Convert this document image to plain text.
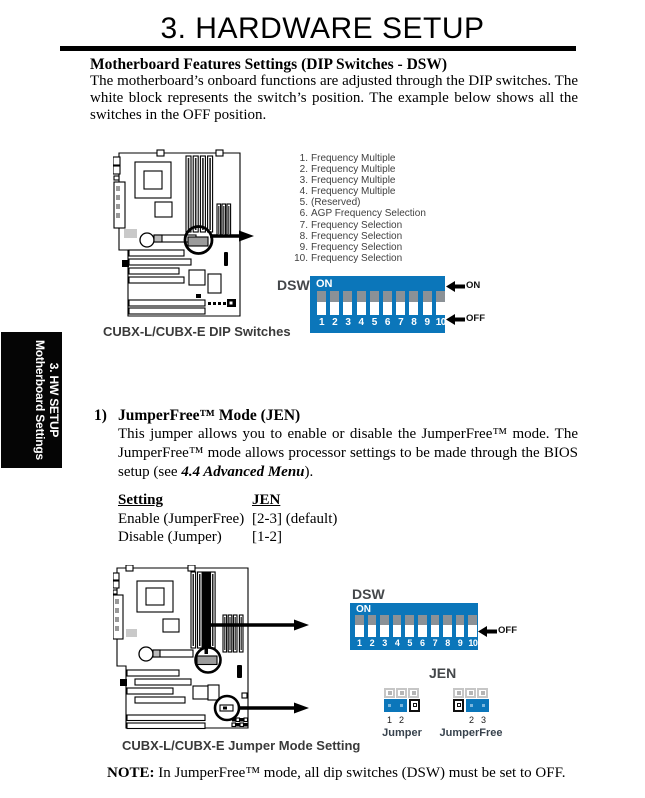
3. HARDWARE SETUP
Motherboard Features Settings (DIP Switches - DSW)
The motherboard’s onboard functions are adjusted through the DIP switches. The white block represents the switch’s position. The example below shows all the switches in the OFF position.
3. HW SETUP
Motherboard Settings
CUBX-L/CUBX-E DIP Switches
1. Frequency Multiple
2. Frequency Multiple
3. Frequency Multiple
4. Frequency Multiple
5. (Reserved)
6. AGP Frequency Selection
7. Frequency Selection
8. Frequency Selection
9. Frequency Selection
10. Frequency Selection
DSW ON
1 2 3 4 5 6 7 8 9 10
ON
OFF
1) JumperFree™ Mode (JEN)
This jumper allows you to enable or disable the JumperFree™ mode. The JumperFree™ mode allows processor settings to be made through the BIOS setup (see 4.4 Advanced Menu).
Setting	JEN
Enable (JumperFree) [2-3] (default)
Disable (Jumper)	[1-2]
CUBX-L/CUBX-E Jumper Mode Setting
DSW
ON
1 2 3 4 5 6 7 8 9 10
OFF
JEN
1 2
Jumper
2 3
JumperFree
NOTE: In JumperFree™ mode, all dip switches (DSW) must be set to OFF.
